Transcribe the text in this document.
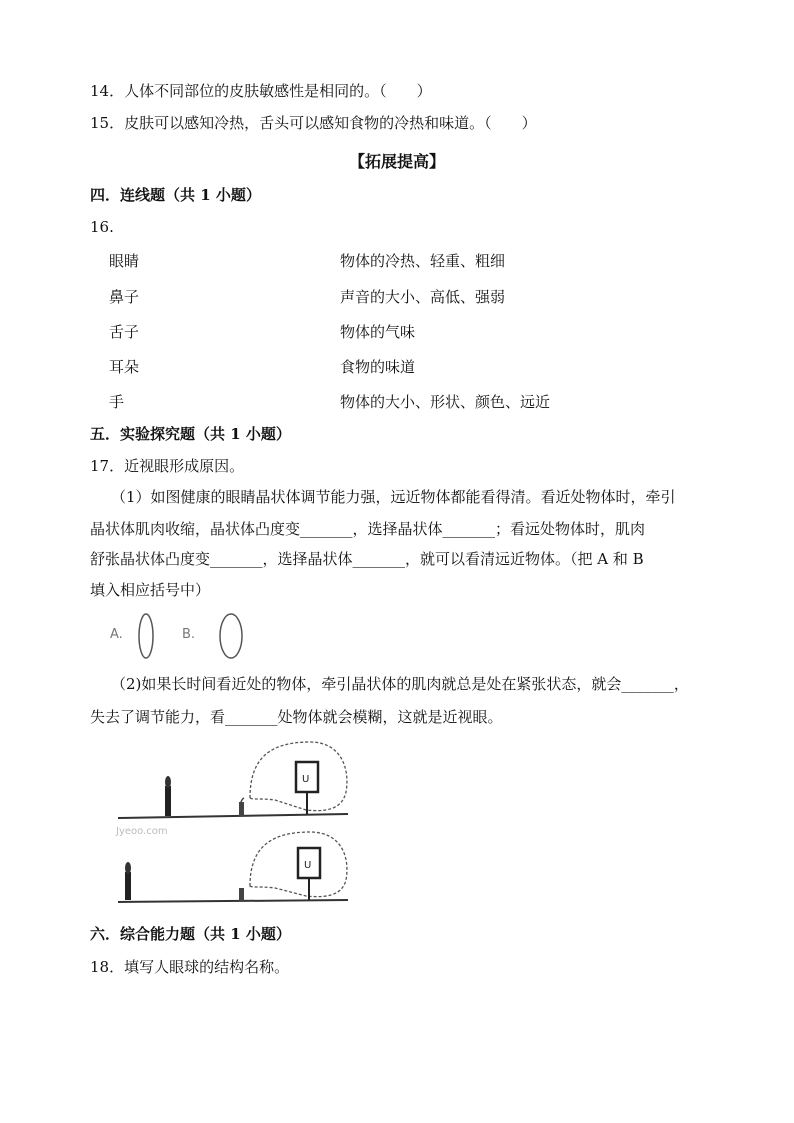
14．人体不同部位的皮肤敏感性是相同的。（　　）
15．皮肤可以感知冷热，舌头可以感知食物的冷热和味道。（　　）
【拓展提高】
四．连线题（共 1 小题）
16.
眼睛
鼻子
舌子
耳朵
手
物体的冷热、轻重、粗细
声音的大小、高低、强弱
物体的气味
食物的味道
物体的大小、形状、颜色、远近
五．实验探究题（共 1 小题）
17．近视眼形成原因。
（1）如图健康的眼睛晶状体调节能力强，远近物体都能看得清。看近处物体时，牵引
晶状体肌肉收缩，晶状体凸度变_______，选择晶状体_______；看远处物体时，肌肉
舒张晶状体凸度变_______，选择晶状体_______，就可以看清远近物体。（把 A 和 B
填入相应括号中）
A.	B.
（2)如果长时间看近处的物体，牵引晶状体的肌肉就总是处在紧张状态，就会_______，
失去了调节能力，看_______处物体就会模糊，这就是近视眼。
U
Jyeoo.com
U
六．综合能力题（共 1 小题）
18．填写人眼球的结构名称。
